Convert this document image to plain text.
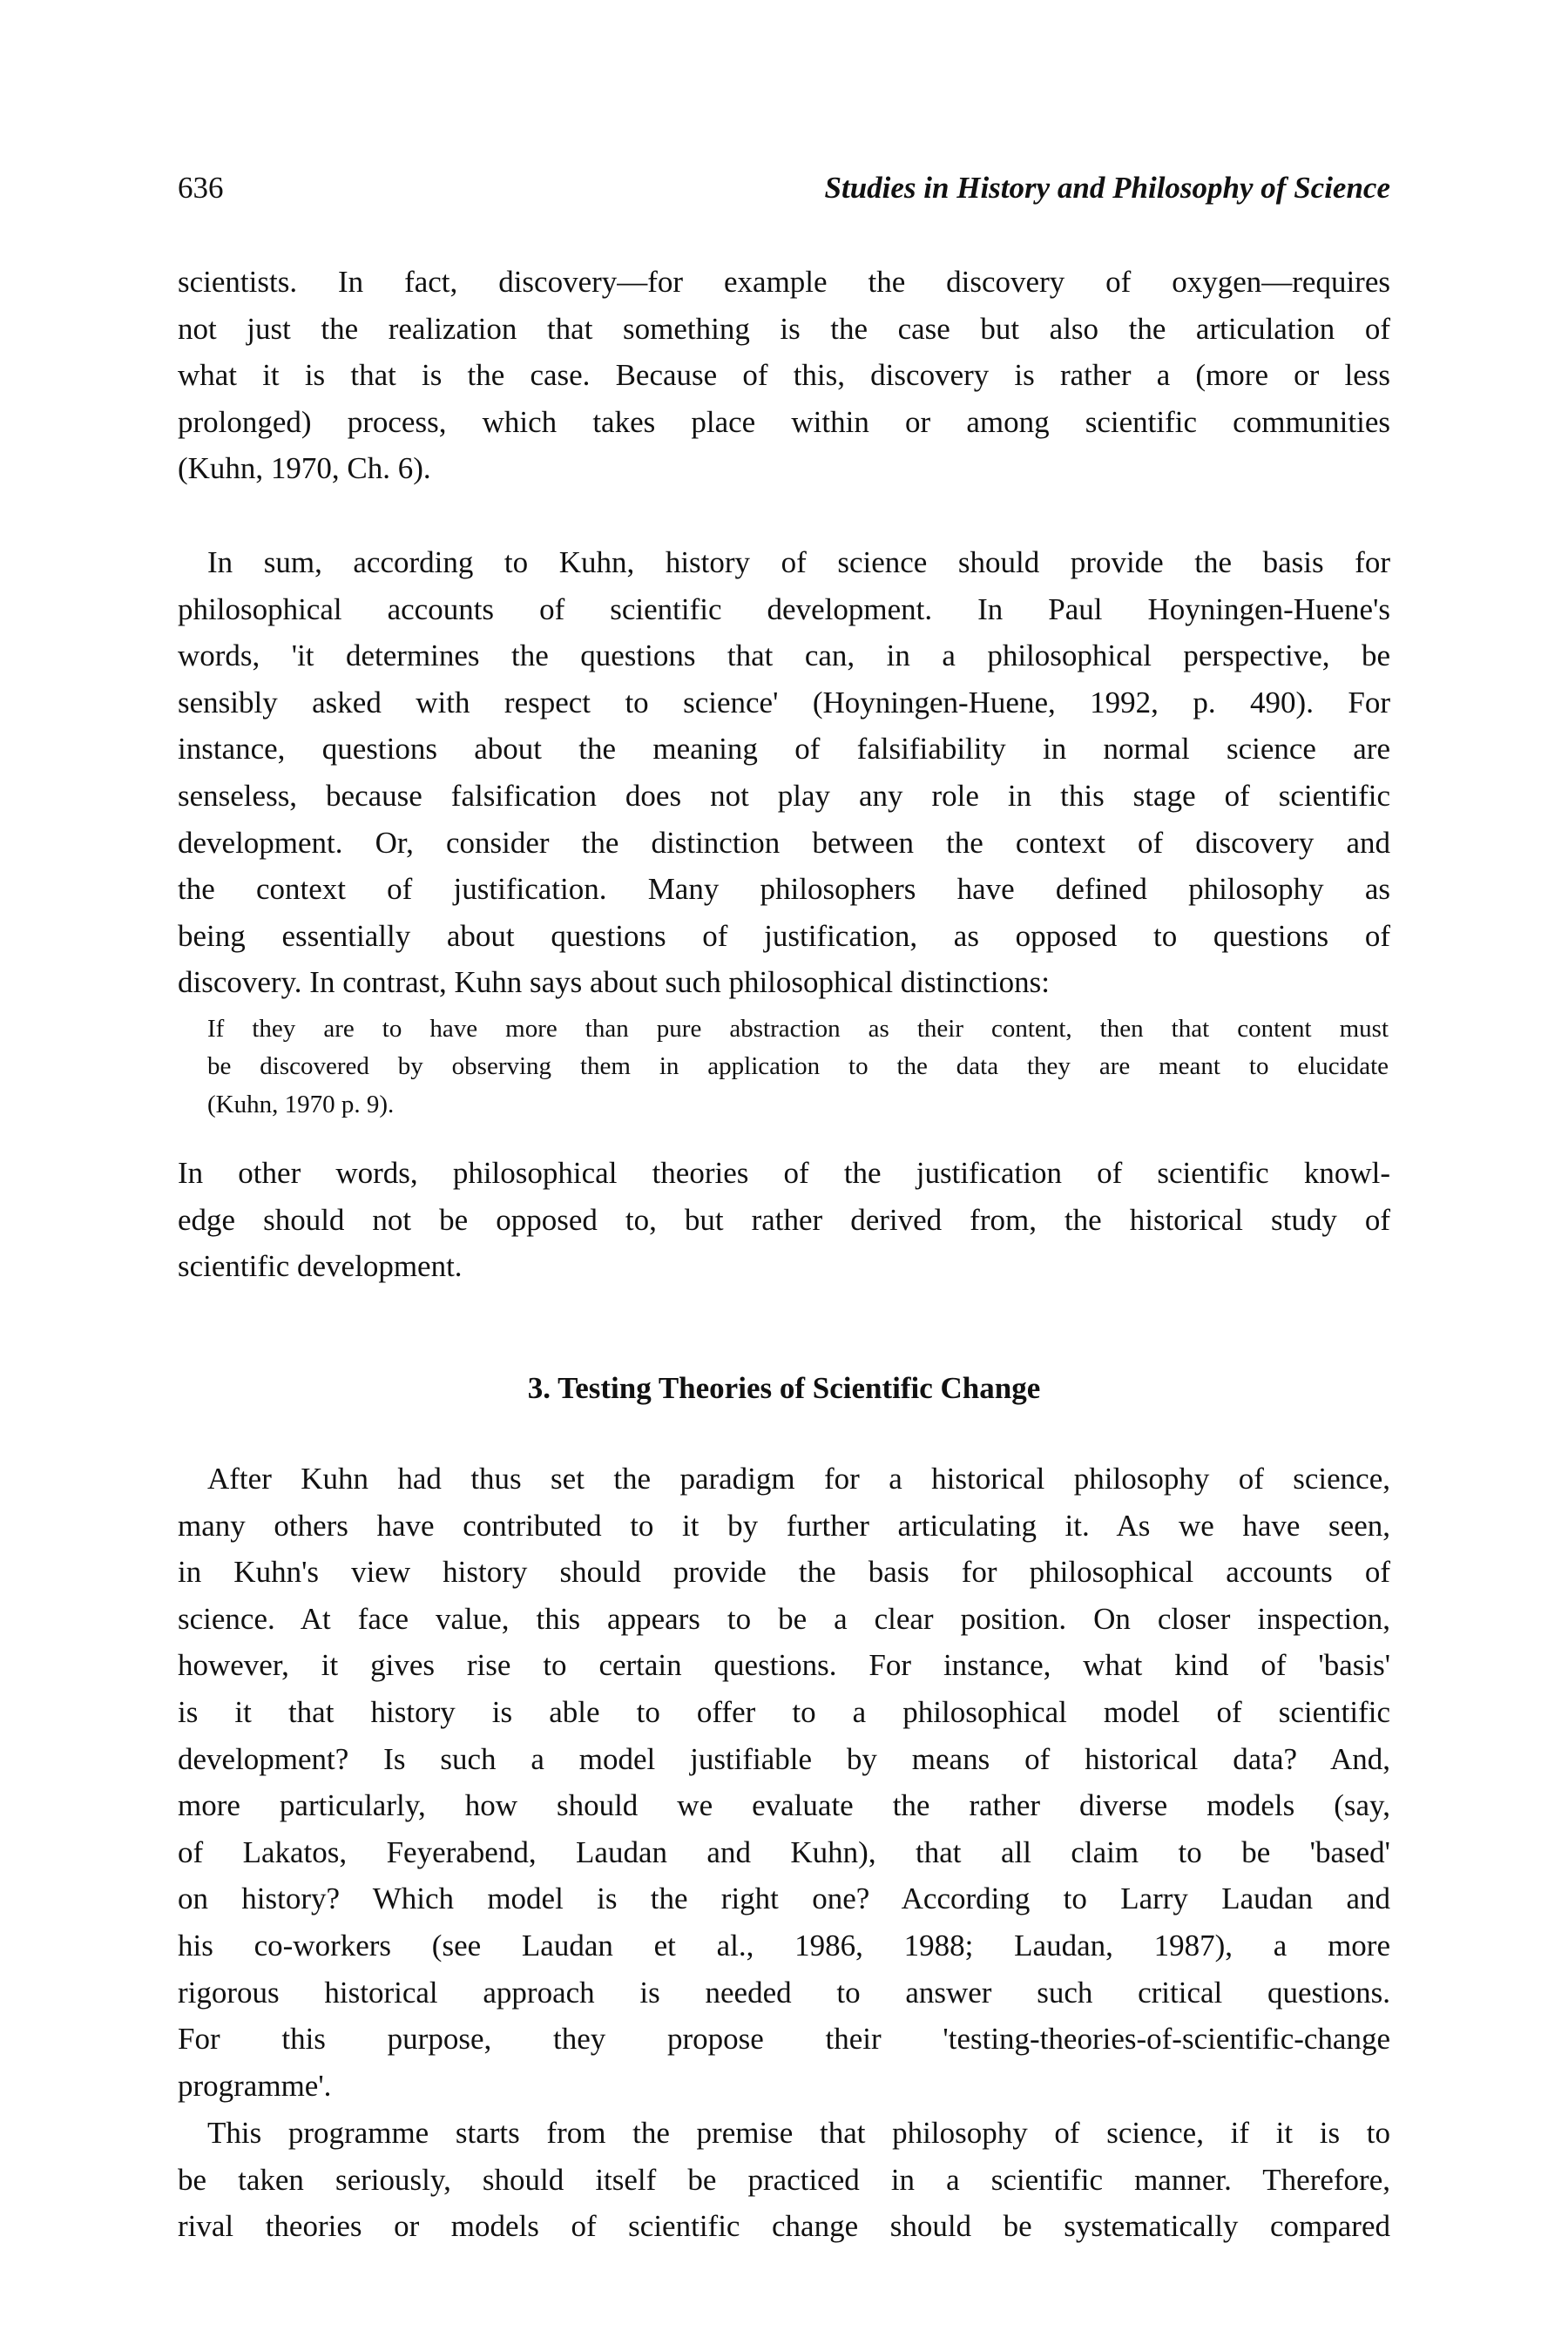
636	Studies in History and Philosophy of Science
scientists. In fact, discovery—for example the discovery of oxygen—requires
not just the realization that something is the case but also the articulation of
what it is that is the case. Because of this, discovery is rather a (more or less
prolonged) process, which takes place within or among scientific communities
(Kuhn, 1970, Ch. 6).
In sum, according to Kuhn, history of science should provide the basis for
philosophical accounts of scientific development. In Paul Hoyningen-Huene's
words, 'it determines the questions that can, in a philosophical perspective, be
sensibly asked with respect to science' (Hoyningen-Huene, 1992, p. 490). For
instance, questions about the meaning of falsifiability in normal science are
senseless, because falsification does not play any role in this stage of scientific
development. Or, consider the distinction between the context of discovery and
the context of justification. Many philosophers have defined philosophy as
being essentially about questions of justification, as opposed to questions of
discovery. In contrast, Kuhn says about such philosophical distinctions:
If they are to have more than pure abstraction as their content, then that content must
be discovered by observing them in application to the data they are meant to elucidate
(Kuhn, 1970 p. 9).
In other words, philosophical theories of the justification of scientific knowl-
edge should not be opposed to, but rather derived from, the historical study of
scientific development.
3. Testing Theories of Scientific Change
After Kuhn had thus set the paradigm for a historical philosophy of science,
many others have contributed to it by further articulating it. As we have seen,
in Kuhn's view history should provide the basis for philosophical accounts of
science. At face value, this appears to be a clear position. On closer inspection,
however, it gives rise to certain questions. For instance, what kind of 'basis'
is it that history is able to offer to a philosophical model of scientific
development? Is such a model justifiable by means of historical data? And,
more particularly, how should we evaluate the rather diverse models (say,
of Lakatos, Feyerabend, Laudan and Kuhn), that all claim to be 'based'
on history? Which model is the right one? According to Larry Laudan and
his co-workers (see Laudan et al., 1986, 1988; Laudan, 1987), a more
rigorous historical approach is needed to answer such critical questions.
For this purpose, they propose their 'testing-theories-of-scientific-change
programme'.
This programme starts from the premise that philosophy of science, if it is to
be taken seriously, should itself be practiced in a scientific manner. Therefore,
rival theories or models of scientific change should be systematically compared
